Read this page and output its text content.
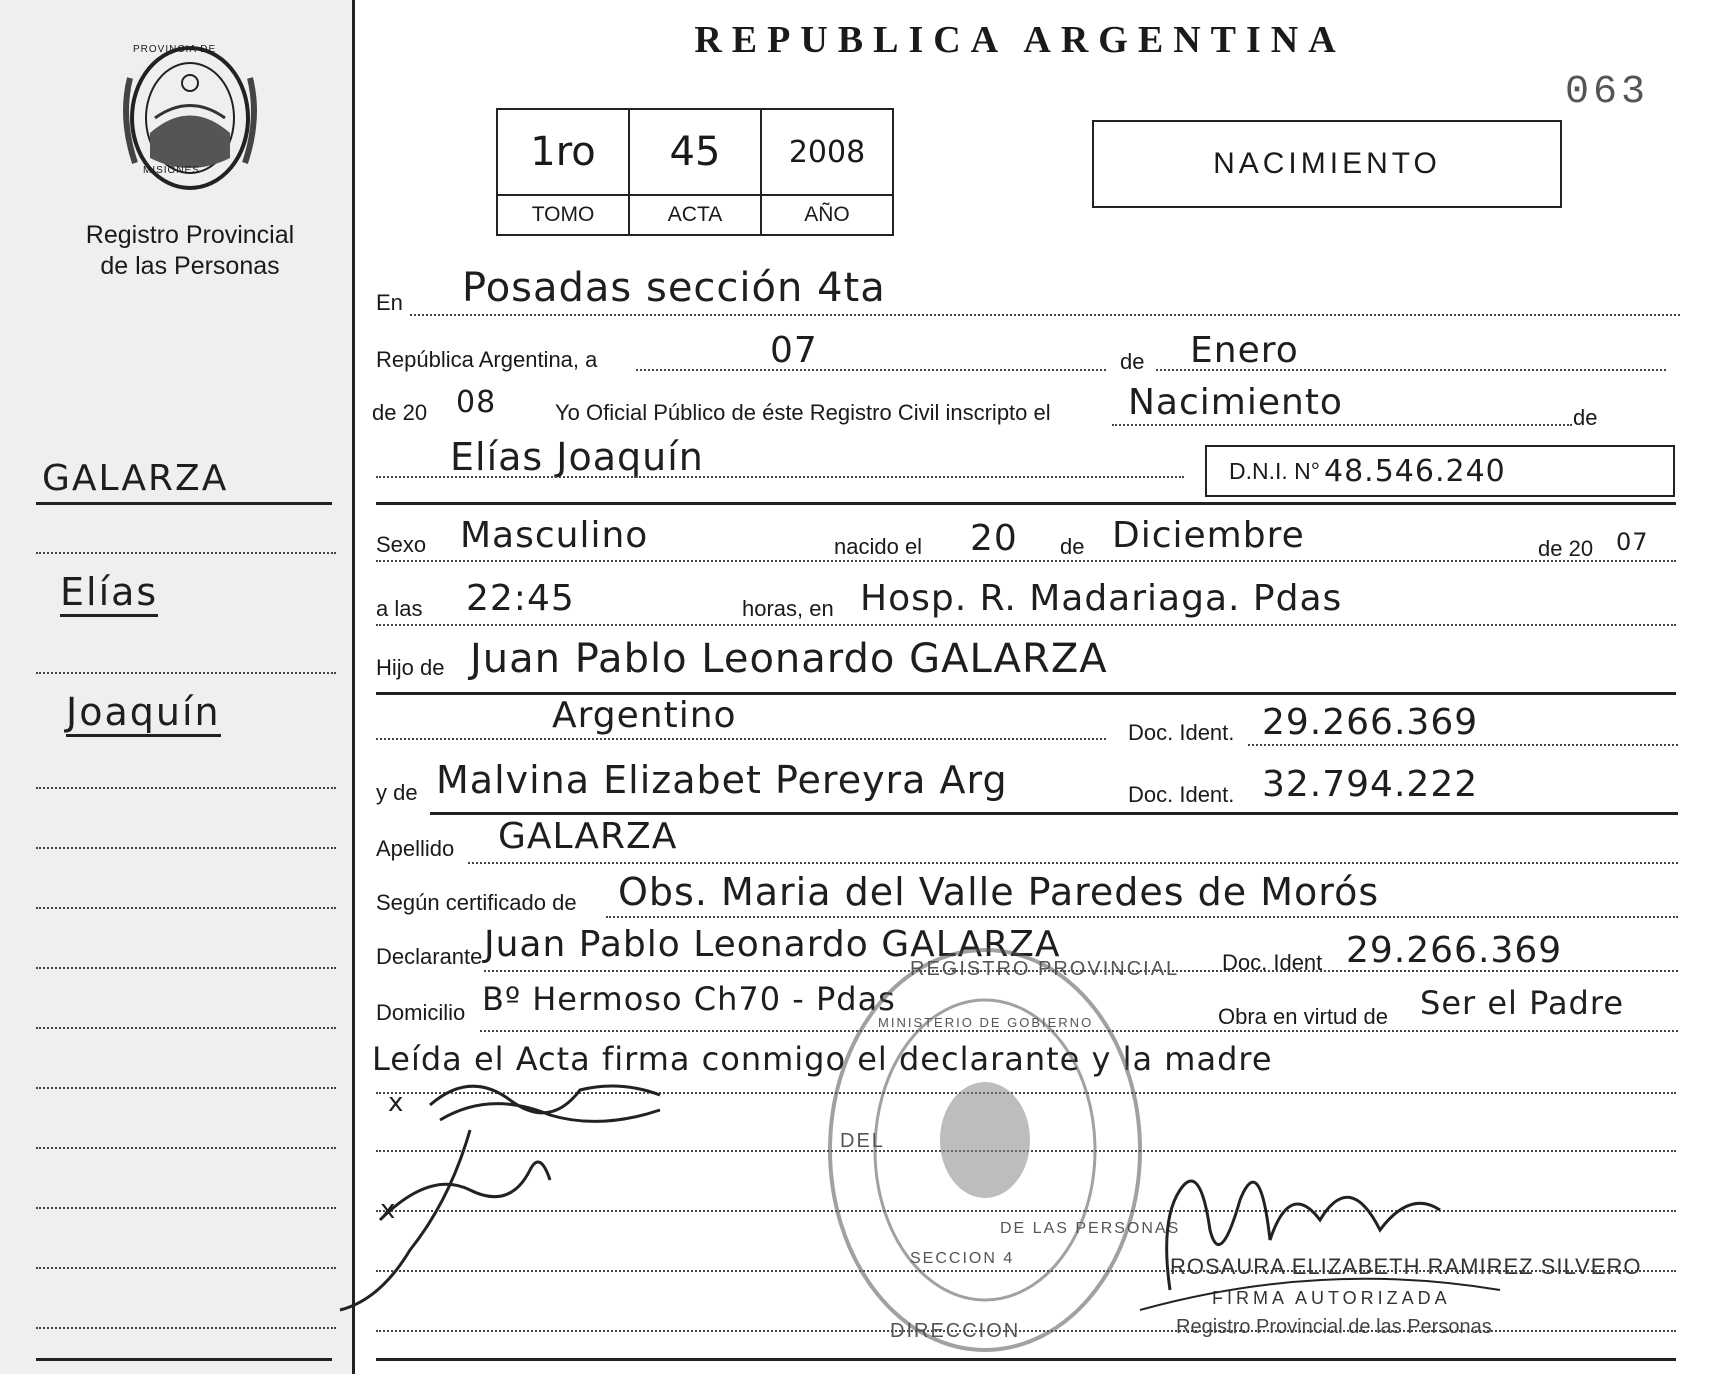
PROVINCIA DE
MISIONES
Registro Provincial
de las Personas
GALARZA
Elías
Joaquín
REPUBLICA ARGENTINA
063
1ro	45	2008
TOMO	ACTA	AÑO
NACIMIENTO
En Posadas sección 4ta
República Argentina, a	07	de Enero
de 20 08	Yo Oficial Público de éste Registro Civil inscripto el Nacimiento	de
Elías Joaquín	D.N.I. N° 48.546.240
Sexo Masculino	nacido el 20 de Diciembre	de 20 07
a las 22:45	horas, en Hosp. R. Madariaga. Pdas
Hijo de Juan Pablo Leonardo GALARZA
Argentino	Doc. Ident. 29.266.369
y de Malvina Elizabet Pereyra Arg	Doc. Ident. 32.794.222
Apellido GALARZA
Según certificado de Obs. Maria del Valle Paredes de Morós
Declarante Juan Pablo Leonardo GALARZA	Doc. Ident 29.266.369
Domicilio Bº Hermoso Ch70 - Pdas	Obra en virtud de Ser el Padre
Leída el Acta firma conmigo el declarante y la madre
x
x
REGISTRO PROVINCIAL
DEL
DE LAS PERSONAS
DIRECCION
MINISTERIO DE GOBIERNO
SECCION 4	ROSAURA ELIZABETH RAMIREZ SILVERO
FIRMA AUTORIZADA
Registro Provincial de las Personas
